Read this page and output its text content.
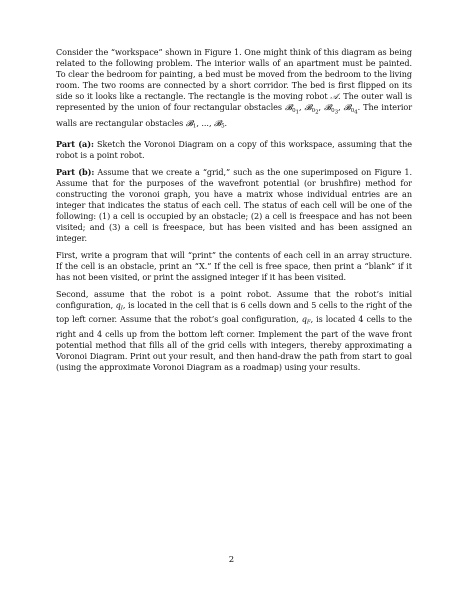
Consider the “workspace” shown in Figure 1. One might think of this diagram as being related to the following problem. The interior walls of an apartment must be painted. To clear the bedroom for painting, a bed must be moved from the bedroom to the living room. The two rooms are connected by a short corridor. The bed is first flipped on its side so it looks like a rectangle. The rectangle is the moving robot 𝒜. The outer wall is represented by the union of four rectangular obstacles 𝓑$_{01}$, 𝓑$_{02}$, 𝓑$_{03}$, 𝓑$_{04}$. The interior walls are rectangular obstacles 𝓑$_1$, ..., 𝓑$_5$.

Part (a): Sketch the Voronoi Diagram on a copy of this workspace, assuming that the robot is a point robot.

Part (b): Assume that we create a “grid,” such as the one superimposed on Figure 1. Assume that for the purposes of the wavefront potential (or brushfire) method for constructing the voronoi graph, you have a matrix whose individual entries are an integer that indicates the status of each cell. The status of each cell will be one of the following: (1) a cell is occupied by an obstacle; (2) a cell is freespace and has not been visited; and (3) a cell is freespace, but has been visited and has been assigned an integer.

First, write a program that will “print” the contents of each cell in an array structure. If the cell is an obstacle, print an “X.” If the cell is free space, then print a “blank” if it has not been visited, or print the assigned integer if it has been visited.

Second, assume that the robot is a point robot. Assume that the robot’s initial configuration, $q_I$, is located in the cell that is 6 cells down and 5 cells to the right of the top left corner. Assume that the robot’s goal configuration, $q_F$, is located 4 cells to the right and 4 cells up from the bottom left corner. Implement the part of the wave front potential method that fills all of the grid cells with integers, thereby approximating a Voronoi Diagram. Print out your result, and then hand-draw the path from start to goal (using the approximate Voronoi Diagram as a roadmap) using your results.

2
